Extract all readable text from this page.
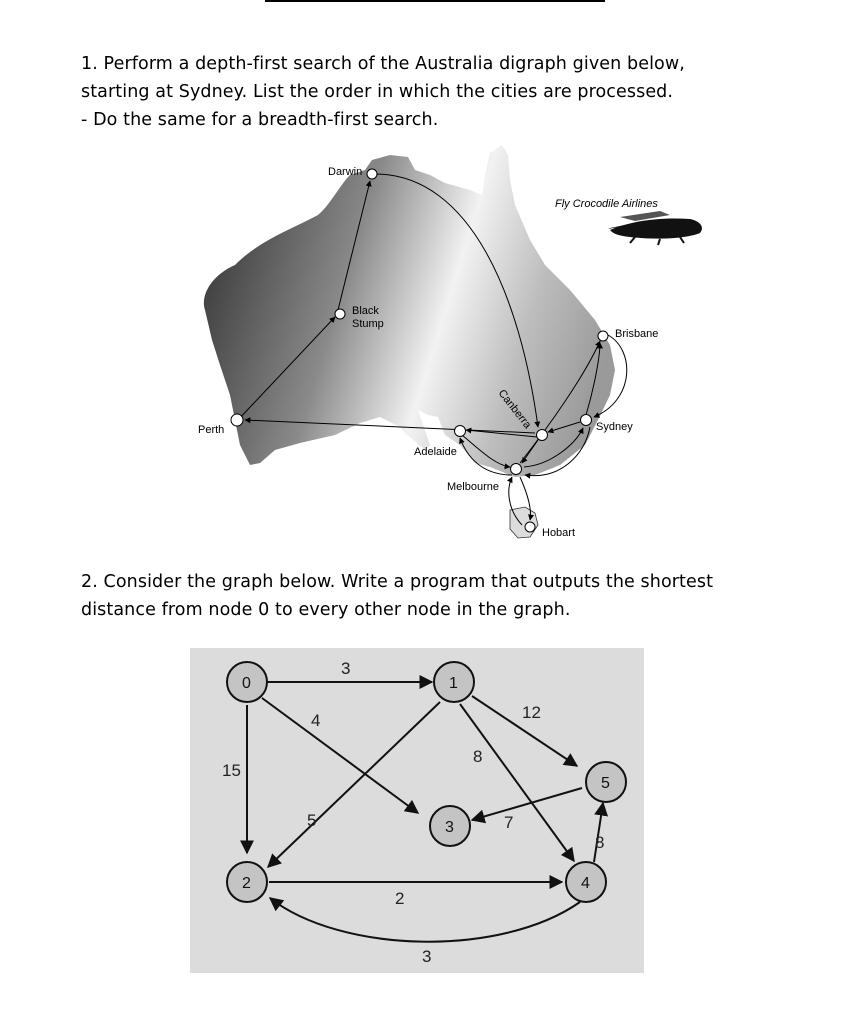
1. Perform a depth-first search of the Australia digraph given below,

starting at Sydney. List the order in which the cities are processed.

- Do the same for a breadth-first search.

Fly Crocodile Airlines
Darwin
Black
Stump
Brisbane
Perth	Canberra	Sydney
Adelaide
Melbourne
Hobart

2. Consider the graph below. Write a program that outputs the shortest

distance from node 0 to every other node in the graph.

3
4
15
12
8
5	7
8
2
3
0	1
2
3
4
5
